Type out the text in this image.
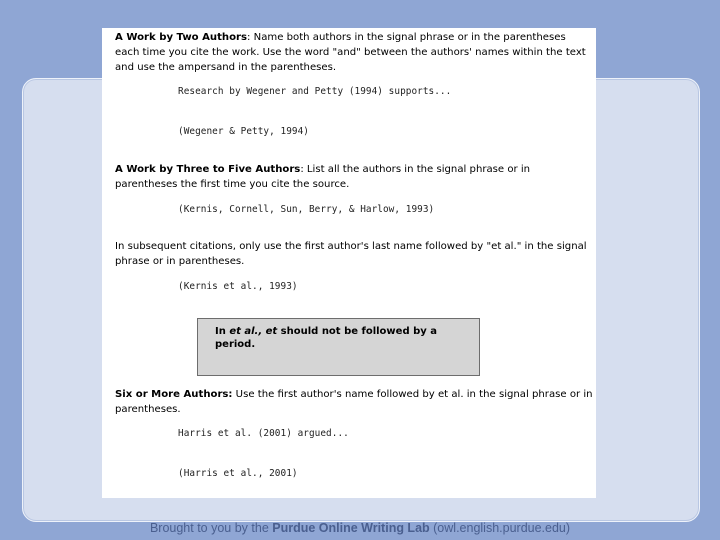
A Work by Two Authors: Name both authors in the signal phrase or in the parentheses each time you cite the work. Use the word "and" between the authors' names within the text and use the ampersand in the parentheses.
Research by Wegener and Petty (1994) supports...
(Wegener & Petty, 1994)
A Work by Three to Five Authors: List all the authors in the signal phrase or in parentheses the first time you cite the source.
(Kernis, Cornell, Sun, Berry, & Harlow, 1993)
In subsequent citations, only use the first author's last name followed by "et al." in the signal phrase or in parentheses.
(Kernis et al., 1993)
In et al., et should not be followed by a period.
Six or More Authors: Use the first author's name followed by et al. in the signal phrase or in parentheses.
Harris et al. (2001) argued...
(Harris et al., 2001)
Brought to you by the Purdue Online Writing Lab (owl.english.purdue.edu)
